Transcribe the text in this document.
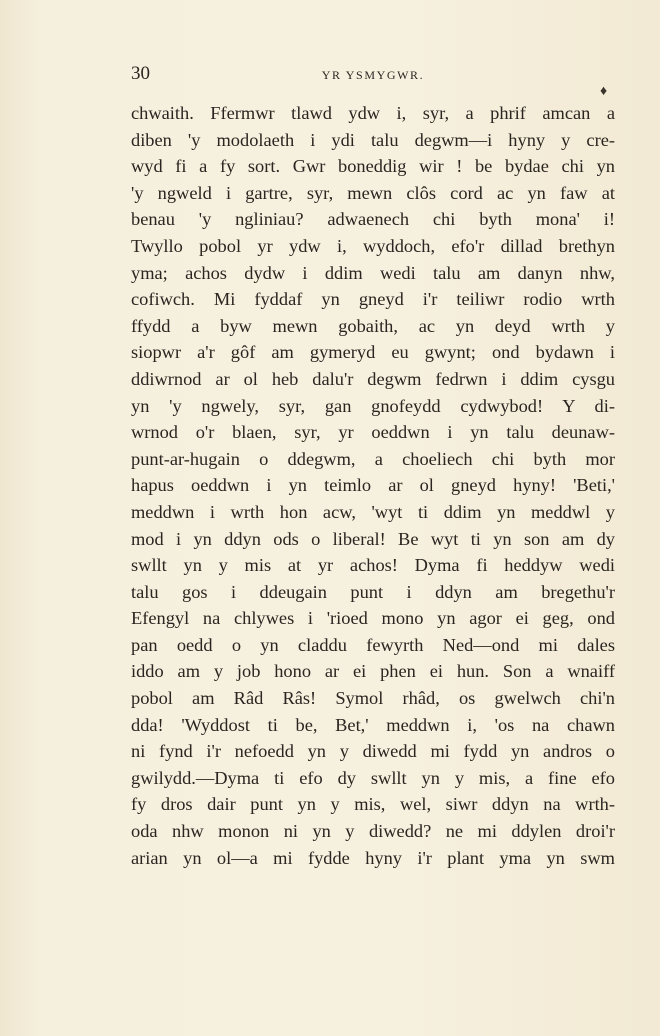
30	YR YSMYGWR.
♦
chwaith. Ffermwr tlawd ydw i, syr, a phrif amcan a
diben 'y modolaeth i ydi talu degwm—i hyny y cre-
wyd fi a fy sort. Gwr boneddig wir ! be bydae chi yn
'y ngweld i gartre, syr, mewn clôs cord ac yn faw at
benau 'y ngliniau? adwaenech chi byth mona' i!
Twyllo pobol yr ydw i, wyddoch, efo'r dillad brethyn
yma; achos dydw i ddim wedi talu am danyn nhw,
cofiwch. Mi fyddaf yn gneyd i'r teiliwr rodio wrth
ffydd a byw mewn gobaith, ac yn deyd wrth y
siopwr a'r gôf am gymeryd eu gwynt; ond bydawn i
ddiwrnod ar ol heb dalu'r degwm fedrwn i ddim cysgu
yn 'y ngwely, syr, gan gnofeydd cydwybod! Y di-
wrnod o'r blaen, syr, yr oeddwn i yn talu deunaw-
punt-ar-hugain o ddegwm, a choeliech chi byth mor
hapus oeddwn i yn teimlo ar ol gneyd hyny! 'Beti,'
meddwn i wrth hon acw, 'wyt ti ddim yn meddwl y
mod i yn ddyn ods o liberal! Be wyt ti yn son am dy
swllt yn y mis at yr achos! Dyma fi heddyw wedi
talu gos i ddeugain punt i ddyn am bregethu'r
Efengyl na chlywes i 'rioed mono yn agor ei geg, ond
pan oedd o yn claddu fewyrth Ned—ond mi dales
iddo am y job hono ar ei phen ei hun. Son a wnaiff
pobol am Râd Râs! Symol rhâd, os gwelwch chi'n
dda! 'Wyddost ti be, Bet,' meddwn i, 'os na chawn
ni fynd i'r nefoedd yn y diwedd mi fydd yn andros o
gwilydd.—Dyma ti efo dy swllt yn y mis, a fine efo
fy dros dair punt yn y mis, wel, siwr ddyn na wrth-
oda nhw monon ni yn y diwedd? ne mi ddylen droi'r
arian yn ol—a mi fydde hyny i'r plant yma yn swm
